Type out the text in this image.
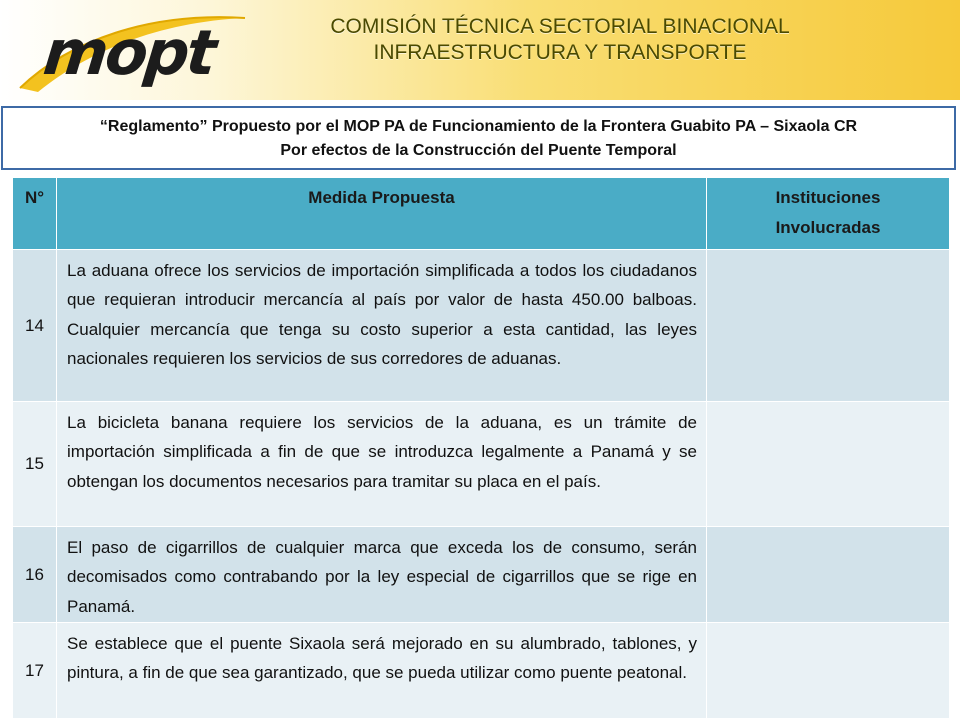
mopt	COMISIÓN TÉCNICA SECTORIAL BINACIONAL
INFRAESTRUCTURA Y TRANSPORTE
“Reglamento” Propuesto por el MOP PA de Funcionamiento de la Frontera Guabito PA – Sixaola CR
Por efectos de la Construcción del Puente Temporal
N°	Medida Propuesta	Instituciones
Involucradas

14	La aduana ofrece los servicios de importación simplificada a todos los ciudadanos que requieran introducir mercancía al país por valor de hasta 450.00 balboas. Cualquier mercancía que tenga su costo superior a esta cantidad, las leyes nacionales requieren los servicios de sus corredores de aduanas.	
15	La bicicleta banana requiere los servicios de la aduana, es un trámite de importación simplificada a fin de que se introduzca legalmente a Panamá y se obtengan los documentos necesarios para tramitar su placa en el país.	
16	El paso de cigarrillos de cualquier marca que exceda los de consumo, serán decomisados como contrabando por la ley especial de cigarrillos que se rige en Panamá.	
17	Se establece que el puente Sixaola será mejorado en su alumbrado, tablones, y pintura, a fin de que sea garantizado, que se pueda utilizar como puente peatonal.	
